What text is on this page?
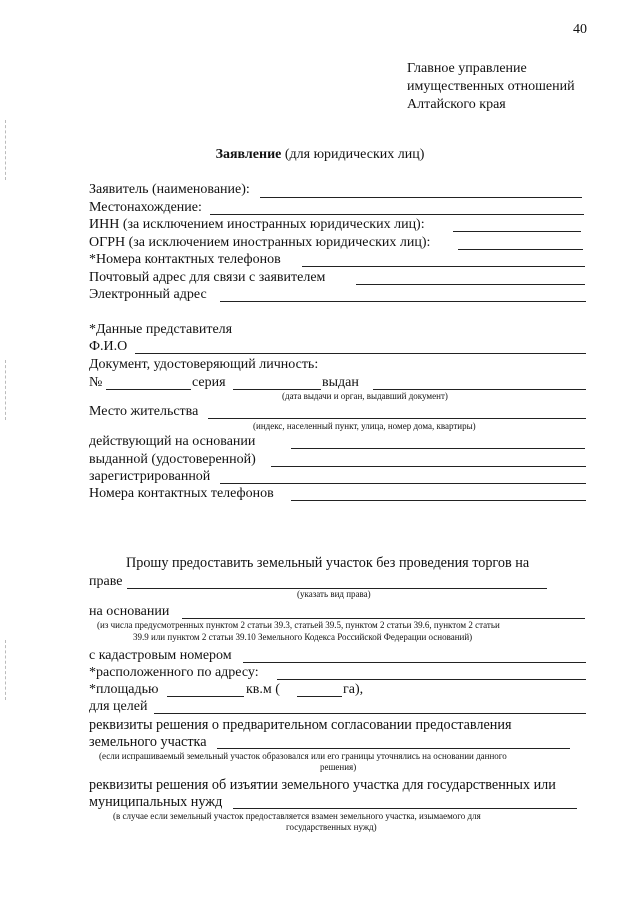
40
Главное управление
имущественных отношений
Алтайского края
Заявление (для юридических лиц)
Заявитель (наименование):
Местонахождение:
ИНН (за исключением иностранных юридических лиц):
ОГРН (за исключением иностранных юридических лиц):
*Номера контактных телефонов
Почтовый адрес для связи с заявителем
Электронный адрес
*Данные представителя
Ф.И.О
Документ, удостоверяющий личность:
№	серия	выдан
(дата выдачи и орган, выдавший документ)
Место жительства
(индекс, населенный пункт, улица, номер дома, квартиры)
действующий на основании
выданной (удостоверенной)
зарегистрированной
Номера контактных телефонов
Прошу предоставить земельный участок без проведения торгов на
праве
(указать вид права)
на основании
(из числа предусмотренных пунктом 2 статьи 39.3, статьей 39.5, пунктом 2 статьи 39.6, пунктом 2 статьи
39.9 или пунктом 2 статьи 39.10 Земельного Кодекса Российской Федерации оснований)
с кадастровым номером
*расположенного по адресу:
*площадью	кв.м (	га),
для целей
реквизиты решения о предварительном согласовании предоставления
земельного участка
(если испрашиваемый земельный участок образовался или его границы уточнялись на основании данного
решения)
реквизиты решения об изъятии земельного участка для государственных или
муниципальных нужд
(в случае если земельный участок предоставляется взамен земельного участка, изымаемого для
государственных нужд)
